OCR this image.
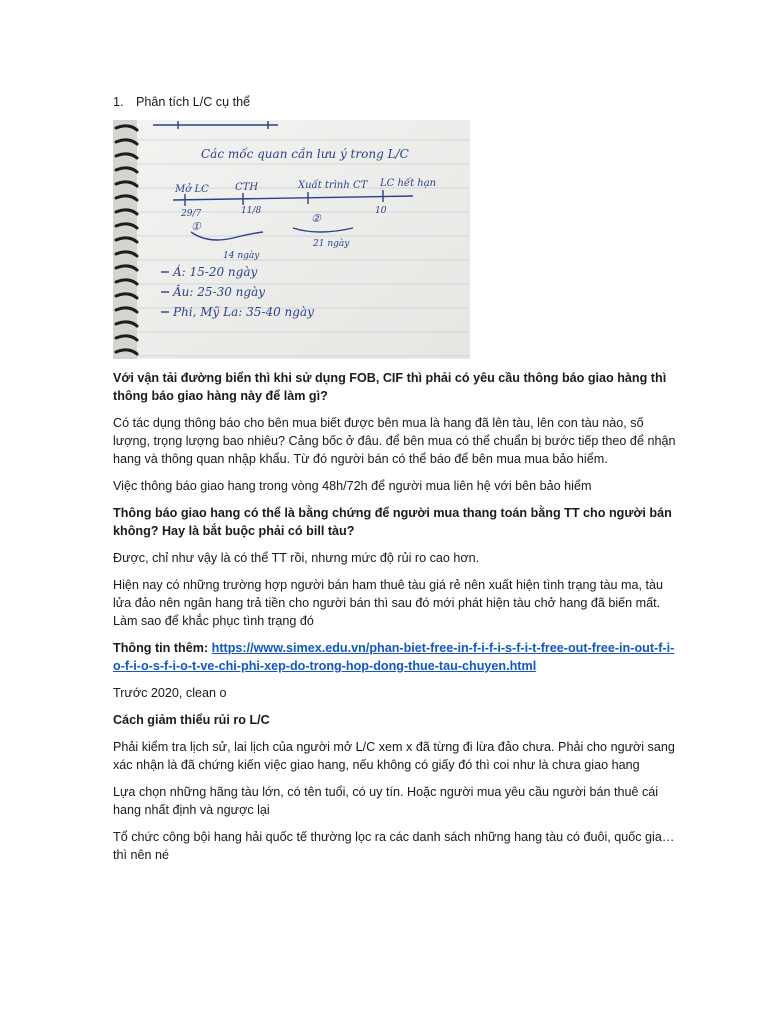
1. Phân tích L/C cụ thể
Các mốc quan cần lưu ý trong L/C
Mở LC	CTH	Xuất trình CT LC hết hạn
29/7	11/8	10
①
②
14 ngày
21 ngày
Á: 15-20 ngày
Âu: 25-30 ngày
Phi, Mỹ La: 35-40 ngày

Với vận tải đường biển thì khi sử dụng FOB, CIF thì phải có yêu cầu thông báo giao hàng thì thông báo giao hàng này để làm gì?

Có tác dụng thông báo cho bên mua biết được bên mua là hang đã lên tàu, lên con tàu nào, số lượng, trọng lượng bao nhiêu? Cảng bốc ở đâu. để bên mua có thể chuẩn bị bước tiếp theo để nhận hang và thông quan nhập khẩu. Từ đó người bán có thể báo để bên mua mua bảo hiểm.

Việc thông báo giao hang trong vòng 48h/72h để người mua liên hệ với bên bảo hiểm

Thông báo giao hang có thể là bằng chứng để người mua thang toán bằng TT cho người bán không? Hay là bắt buộc phải có bill tàu?

Được, chỉ như vậy là có thể TT rồi, nhưng mức độ rủi ro cao hơn.

Hiện nay có những trường hợp người bán ham thuê tàu giá rẻ nên xuất hiện tình trạng tàu ma, tàu lửa đảo nên ngân hang trả tiền cho người bán thì sau đó mới phát hiện tàu chở hang đã biến mất. Làm sao để khắc phục tình trạng đó

Thông tin thêm: https://www.simex.edu.vn/phan-biet-free-in-f-i-f-i-s-f-i-t-free-out-free-in-out-f-i-o-f-i-o-s-f-i-o-t-ve-chi-phi-xep-do-trong-hop-dong-thue-tau-chuyen.html

Trước 2020, clean o

Cách giảm thiểu rủi ro L/C

Phải kiểm tra lịch sử, lai lịch của người mở L/C xem x đã từng đi lừa đảo chưa. Phải cho người sang xác nhận là đã chứng kiến việc giao hang, nếu không có giấy đó thì coi như là chưa giao hang

Lựa chọn những hãng tàu lớn, có tên tuổi, có uy tín. Hoặc người mua yêu cầu người bán thuê cái hang nhất định và ngược lại

Tổ chức công bội hang hải quốc tế thường lọc ra các danh sách những hang tàu có đuôi, quốc gia… thì nên né
